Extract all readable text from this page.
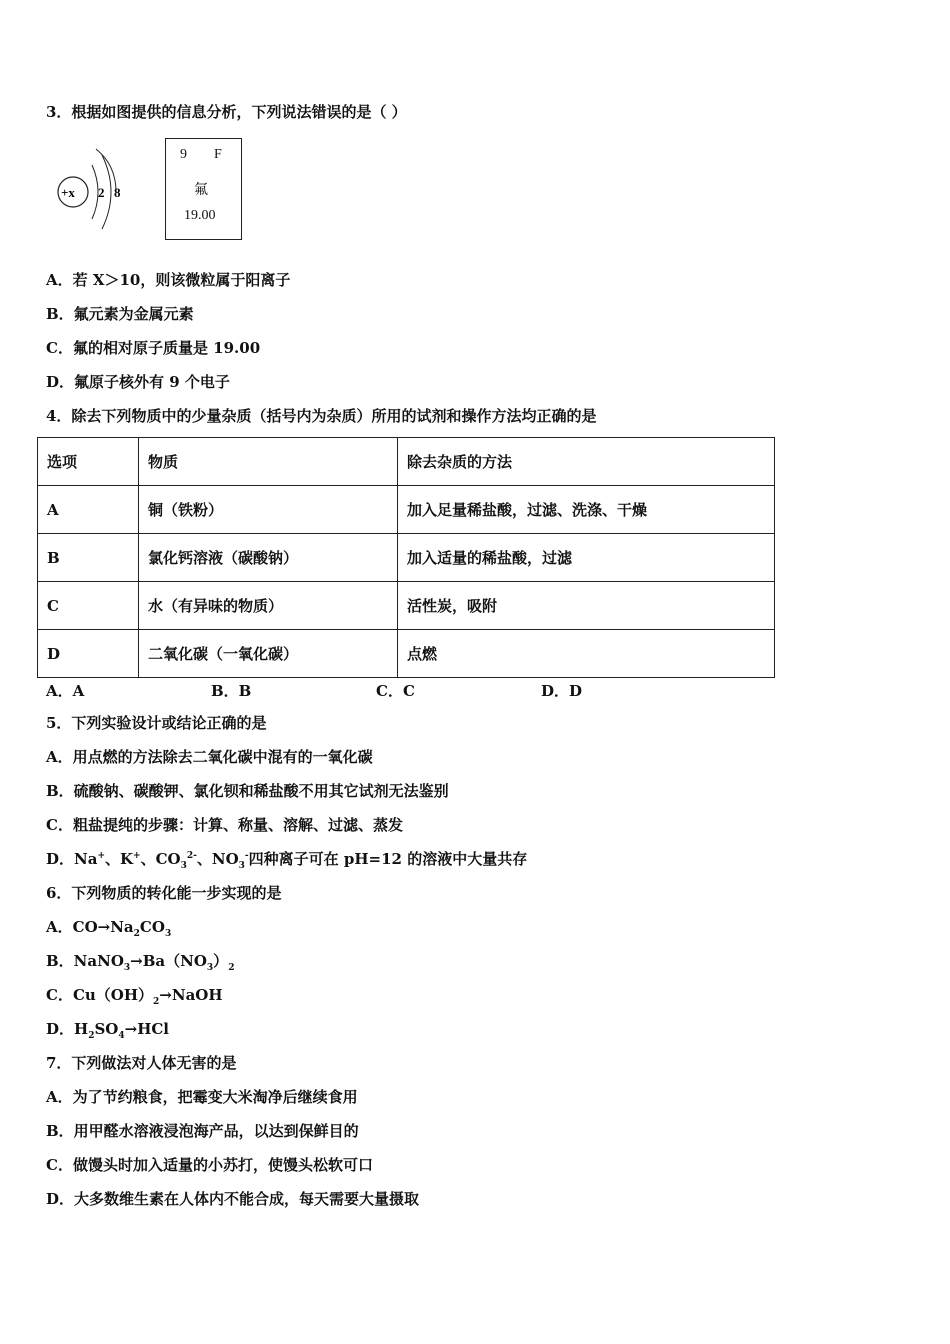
3．根据如图提供的信息分析，下列说法错误的是（ ）
+x 2 8
9 F
氟
19.00
A．若 X＞10，则该微粒属于阳离子
B．氟元素为金属元素
C．氟的相对原子质量是 19.00
D．氟原子核外有 9 个电子
4．除去下列物质中的少量杂质（括号内为杂质）所用的试剂和操作方法均正确的是
选项	物质	除去杂质的方法
A	铜（铁粉）	加入足量稀盐酸，过滤、洗涤、干燥
B	氯化钙溶液（碳酸钠）	加入适量的稀盐酸，过滤
C	水（有异味的物质）	活性炭，吸附
D	二氧化碳（一氧化碳）	点燃
A．A	B．B	C．C	D．D
5．下列实验设计或结论正确的是
A．用点燃的方法除去二氧化碳中混有的一氧化碳
B．硫酸钠、碳酸钾、氯化钡和稀盐酸不用其它试剂无法鉴别
C．粗盐提纯的步骤：计算、称量、溶解、过滤、蒸发
D．Na+、K+、$CO_3^{2-}$、$NO_3^-$四种离子可在 pH=12 的溶液中大量共存
6．下列物质的转化能一步实现的是
A．$CO\to Na_2CO_3$
B．$NaNO_3\to Ba(NO_3)_2$
C．$Cu(OH)_2\to NaOH$
D．$H_2SO_4\to HCl$
7．下列做法对人体无害的是
A．为了节约粮食，把霉变大米淘净后继续食用
B．用甲醛水溶液浸泡海产品，以达到保鲜目的
C．做馒头时加入适量的小苏打，使馒头松软可口
D．大多数维生素在人体内不能合成，每天需要大量摄取
